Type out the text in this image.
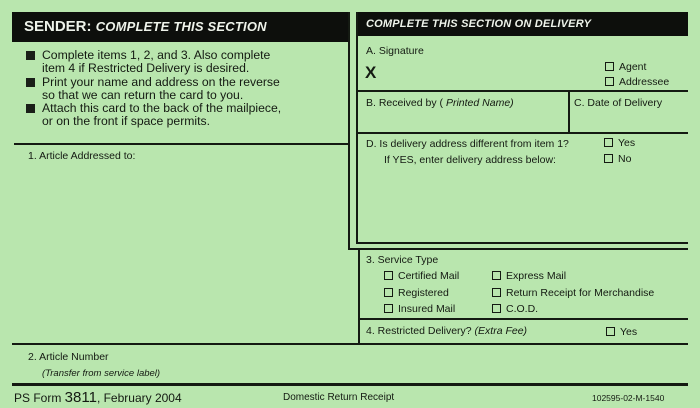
SENDER: COMPLETE THIS SECTION	COMPLETE THIS SECTION ON DELIVERY
Complete items 1, 2, and 3. Also complete
item 4 if Restricted Delivery is desired.
Print your name and address on the reverse
so that we can return the card to you.
Attach this card to the back of the mailpiece,
or on the front if space permits.
1. Article Addressed to:
A. Signature
X	Agent
Addressee
B. Received by ( Printed Name)	C. Date of Delivery
D. Is delivery address different from item 1?
If YES, enter delivery address below:
Yes
No
3. Service Type
Certified Mail	Express Mail
Registered	Return Receipt for Merchandise
Insured Mail	C.O.D.
4. Restricted Delivery? (Extra Fee)	Yes
2. Article Number
(Transfer from service label)
PS Form 3811, February 2004	Domestic Return Receipt	102595-02-M-1540
